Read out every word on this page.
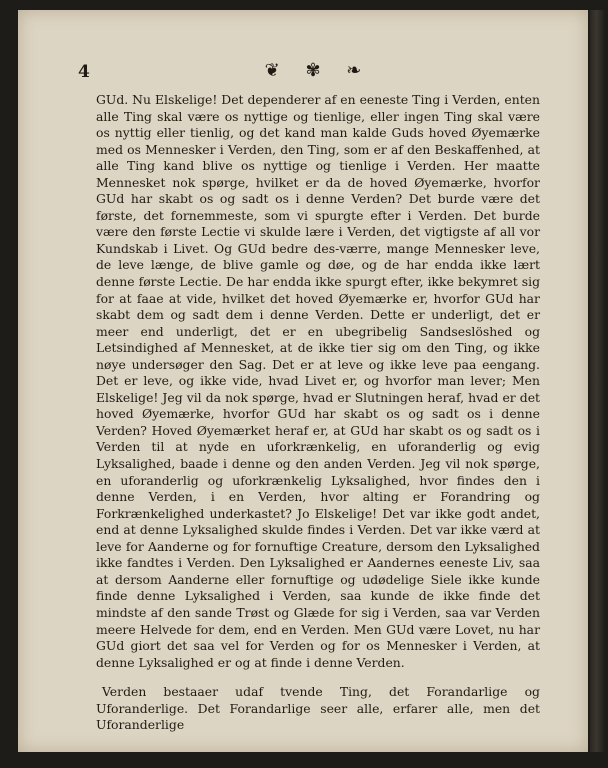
4	❦ ✾ ❧

GUd. Nu Elskelige! Det dependerer af en eeneste Ting i Verden, enten alle Ting skal være os nyttige og tienlige, eller ingen Ting skal være os nyttig eller tienlig, og det kand man kalde Guds hoved Øyemærke med os Mennesker i Verden, den Ting, som er af den Beskaffenhed, at alle Ting kand blive os nyttige og tienlige i Verden. Her maatte Mennesket nok spørge, hvilket er da de hoved Øyemærke, hvorfor GUd har skabt os og sadt os i denne Verden? Det burde være det første, det fornemmeste, som vi spurgte efter i Verden. Det burde være den første Lectie vi skulde lære i Verden, det vigtigste af all vor Kundskab i Livet. Og GUd bedre des-værre, mange Mennesker leve, de leve længe, de blive gamle og døe, og de har endda ikke lært denne første Lectie. De har endda ikke spurgt efter, ikke bekymret sig for at faae at vide, hvilket det hoved Øyemærke er, hvorfor GUd har skabt dem og sadt dem i denne Verden. Dette er underligt, det er meer end underligt, det er en ubegribelig Sandseslöshed og Letsindighed af Mennesket, at de ikke tier sig om den Ting, og ikke nøye undersøger den Sag. Det er at leve og ikke leve paa eengang. Det er leve, og ikke vide, hvad Livet er, og hvorfor man lever; Men Elskelige! Jeg vil da nok spørge, hvad er Slutningen heraf, hvad er det hoved Øyemærke, hvorfor GUd har skabt os og sadt os i denne Verden? Hoved Øyemærket heraf er, at GUd har skabt os og sadt os i Verden til at nyde en uforkrænkelig, en uforanderlig og evig Lyksalighed, baade i denne og den anden Verden. Jeg vil nok spørge, en uforanderlig og uforkrænkelig Lyksalighed, hvor findes den i denne Verden, i en Verden, hvor alting er Forandring og Forkrænkelighed underkastet? Jo Elskelige! Det var ikke godt andet, end at denne Lyksalighed skulde findes i Verden. Det var ikke værd at leve for Aanderne og for fornuftige Creature, dersom den Lyksalighed ikke fandtes i Verden. Den Lyksalighed er Aandernes eeneste Liv, saa at dersom Aanderne eller fornuftige og udødelige Siele ikke kunde finde denne Lyksalighed i Verden, saa kunde de ikke finde det mindste af den sande Trøst og Glæde for sig i Verden, saa var Verden meere Helvede for dem, end en Verden. Men GUd være Lovet, nu har GUd giort det saa vel for Verden og for os Mennesker i Verden, at denne Lyksalighed er og at finde i denne Verden.

Verden bestaaer udaf tvende Ting, det Forandarlige og Uforanderlige. Det Forandarlige seer alle, erfarer alle, men det Uforanderlige
